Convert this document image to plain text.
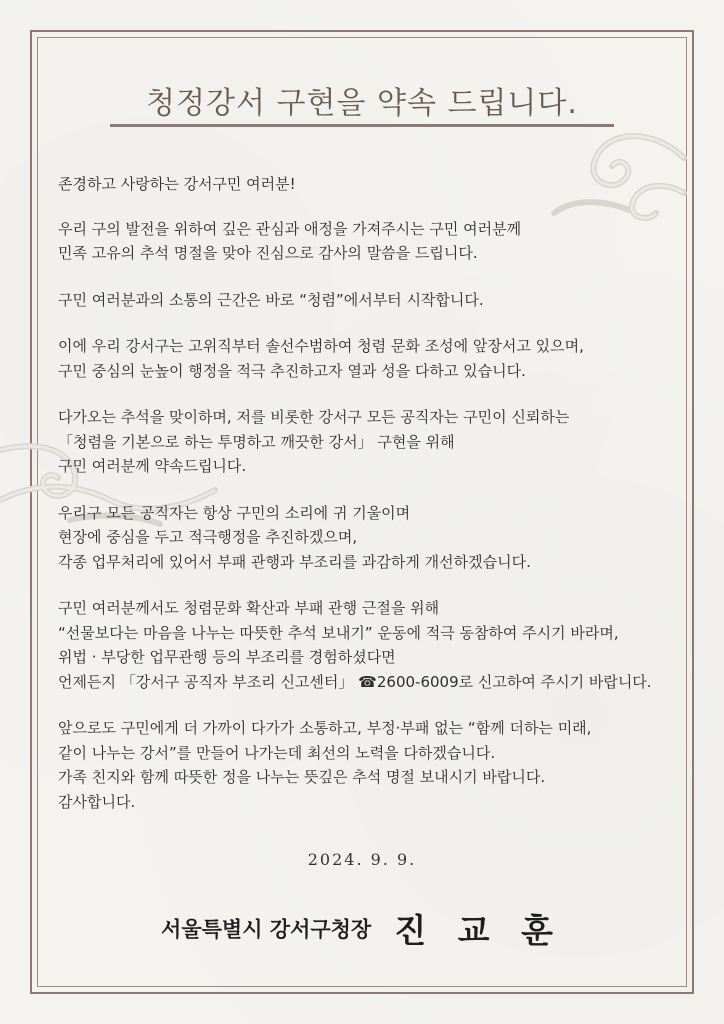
청정강서 구현을 약속 드립니다.

존경하고 사랑하는 강서구민 여러분!

우리 구의 발전을 위하여 깊은 관심과 애정을 가져주시는 구민 여러분께
민족 고유의 추석 명절을 맞아 진심으로 감사의 말씀을 드립니다.

구민 여러분과의 소통의 근간은 바로 “청렴”에서부터 시작합니다.

이에 우리 강서구는 고위직부터 솔선수범하여 청렴 문화 조성에 앞장서고 있으며,
구민 중심의 눈높이 행정을 적극 추진하고자 열과 성을 다하고 있습니다.

다가오는 추석을 맞이하며, 저를 비롯한 강서구 모든 공직자는 구민이 신뢰하는
「청렴을 기본으로 하는 투명하고 깨끗한 강서」 구현을 위해
구민 여러분께 약속드립니다.

우리구 모든 공직자는 항상 구민의 소리에 귀 기울이며
현장에 중심을 두고 적극행정을 추진하겠으며,
각종 업무처리에 있어서 부패 관행과 부조리를 과감하게 개선하겠습니다.

구민 여러분께서도 청렴문화 확산과 부패 관행 근절을 위해
“선물보다는 마음을 나누는 따뜻한 추석 보내기” 운동에 적극 동참하여 주시기 바라며,
위법 · 부당한 업무관행 등의 부조리를 경험하셨다면
언제든지 「강서구 공직자 부조리 신고센터」 ☎2600-6009로 신고하여 주시기 바랍니다.

앞으로도 구민에게 더 가까이 다가가 소통하고, 부정·부패 없는 “함께 더하는 미래,
같이 나누는 강서”를 만들어 나가는데 최선의 노력을 다하겠습니다.
가족 친지와 함께 따뜻한 정을 나누는 뜻깊은 추석 명절 보내시기 바랍니다.
감사합니다.

2024. 9. 9.
서울특별시 강서구청장 진 교 훈
